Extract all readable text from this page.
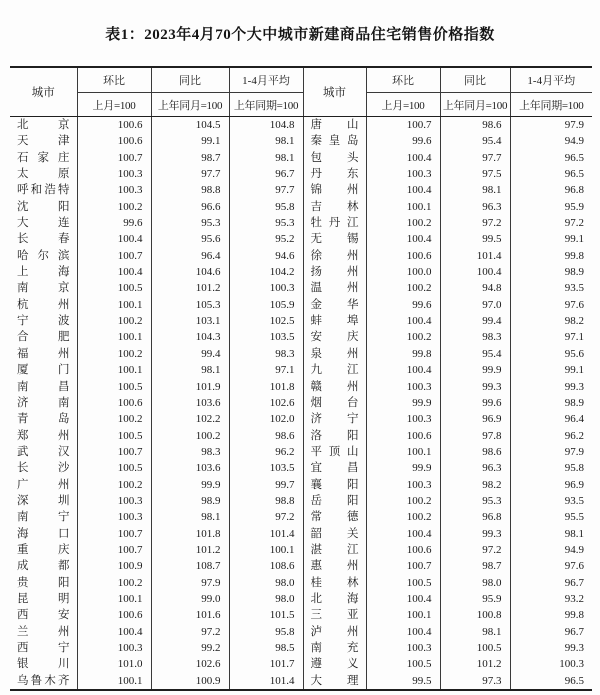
表1：2023年4月70个大中城市新建商品住宅销售价格指数
城市	环比	同比	1-4月平均	城市	环比	同比	1-4月平均
	上月=100	上年同月=100	上年同期=100		上月=100	上年同月=100	上年同期=100

北京	100.6	104.5	104.8	唐山	100.7	98.6	97.9

天津	100.6	99.1	98.1	秦皇岛	99.6	95.4	94.9

石家庄	100.7	98.7	98.1	包头	100.4	97.7	96.5

太原	100.3	97.7	96.7	丹东	100.3	97.5	96.5

呼和浩特	100.3	98.8	97.7	锦州	100.4	98.1	96.8

沈阳	100.2	96.6	95.8	吉林	100.1	96.3	95.9

大连	99.6	95.3	95.3	牡丹江	100.2	97.2	97.2

长春	100.4	95.6	95.2	无锡	100.4	99.5	99.1

哈尔滨	100.7	96.4	94.6	徐州	100.6	101.4	99.8

上海	100.4	104.6	104.2	扬州	100.0	100.4	98.9

南京	100.5	101.2	100.3	温州	100.2	94.8	93.5

杭州	100.1	105.3	105.9	金华	99.6	97.0	97.6

宁波	100.2	103.1	102.5	蚌埠	100.4	99.4	98.2

合肥	100.1	104.3	103.5	安庆	100.2	98.3	97.1

福州	100.2	99.4	98.3	泉州	99.8	95.4	95.6

厦门	100.1	98.1	97.1	九江	100.4	99.9	99.1

南昌	100.5	101.9	101.8	赣州	100.3	99.3	99.3

济南	100.6	103.6	102.6	烟台	99.9	99.6	98.9

青岛	100.2	102.2	102.0	济宁	100.3	96.9	96.4

郑州	100.5	100.2	98.6	洛阳	100.6	97.8	96.2

武汉	100.7	98.3	96.2	平顶山	100.1	98.6	97.9

长沙	100.5	103.6	103.5	宜昌	99.9	96.3	95.8

广州	100.2	99.9	99.7	襄阳	100.3	98.2	96.9

深圳	100.3	98.9	98.8	岳阳	100.2	95.3	93.5

南宁	100.3	98.1	97.2	常德	100.2	96.8	95.5

海口	100.7	101.8	101.4	韶关	100.4	99.3	98.1

重庆	100.7	101.2	100.1	湛江	100.6	97.2	94.9

成都	100.9	108.7	108.6	惠州	100.7	98.7	97.6

贵阳	100.2	97.9	98.0	桂林	100.5	98.0	96.7

昆明	100.1	99.0	98.0	北海	100.4	95.9	93.2

西安	100.6	101.6	101.5	三亚	100.1	100.8	99.8

兰州	100.4	97.2	95.8	泸州	100.4	98.1	96.7

西宁	100.3	99.2	98.5	南充	100.3	100.5	99.3

银川	101.0	102.6	101.7	遵义	100.5	101.2	100.3

乌鲁木齐	100.1	100.9	101.4	大理	99.5	97.3	96.5
